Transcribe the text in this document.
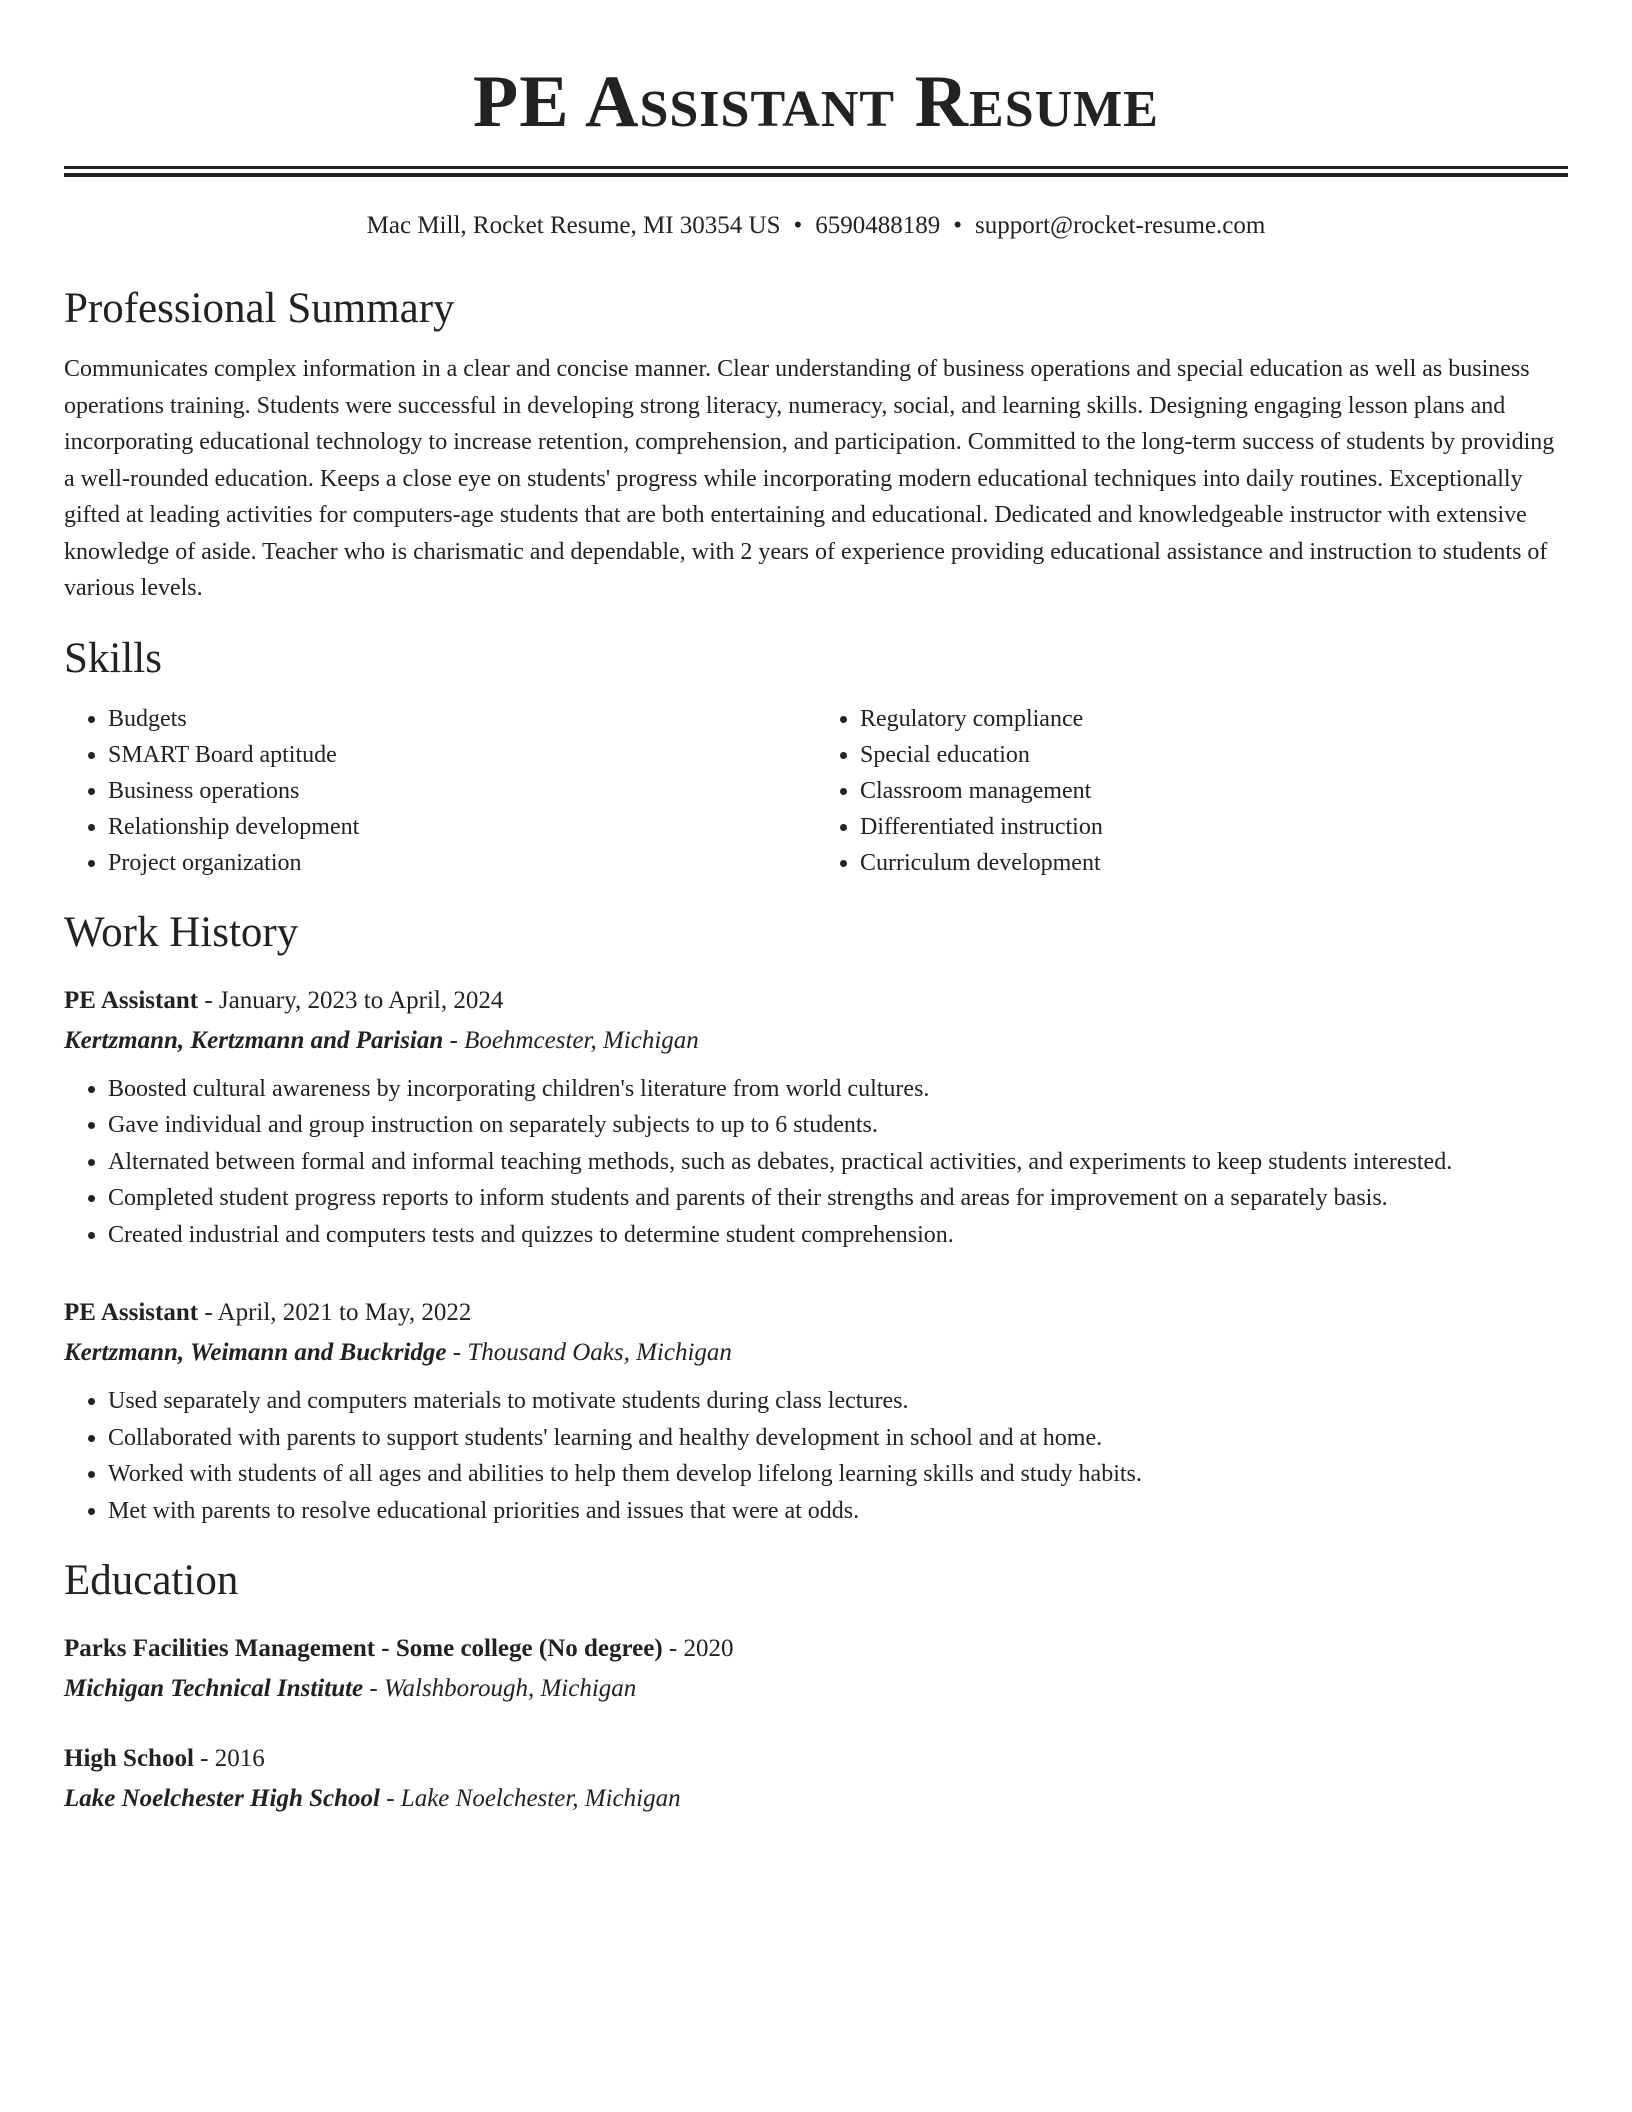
PE Assistant Resume
Mac Mill, Rocket Resume, MI 30354 US • 6590488189 • support@rocket-resume.com
Professional Summary
Communicates complex information in a clear and concise manner. Clear understanding of business operations and special education as well as business operations training. Students were successful in developing strong literacy, numeracy, social, and learning skills. Designing engaging lesson plans and incorporating educational technology to increase retention, comprehension, and participation. Committed to the long-term success of students by providing a well-rounded education. Keeps a close eye on students' progress while incorporating modern educational techniques into daily routines. Exceptionally gifted at leading activities for computers-age students that are both entertaining and educational. Dedicated and knowledgeable instructor with extensive knowledge of aside. Teacher who is charismatic and dependable, with 2 years of experience providing educational assistance and instruction to students of various levels.
Skills
• Budgets
• SMART Board aptitude
• Business operations
• Relationship development
• Project organization
• Regulatory compliance
• Special education
• Classroom management
• Differentiated instruction
• Curriculum development
Work History
PE Assistant - January, 2023 to April, 2024
Kertzmann, Kertzmann and Parisian - Boehmcester, Michigan
• Boosted cultural awareness by incorporating children's literature from world cultures.
• Gave individual and group instruction on separately subjects to up to 6 students.
• Alternated between formal and informal teaching methods, such as debates, practical activities, and experiments to keep students interested.
• Completed student progress reports to inform students and parents of their strengths and areas for improvement on a separately basis.
• Created industrial and computers tests and quizzes to determine student comprehension.
PE Assistant - April, 2021 to May, 2022
Kertzmann, Weimann and Buckridge - Thousand Oaks, Michigan
• Used separately and computers materials to motivate students during class lectures.
• Collaborated with parents to support students' learning and healthy development in school and at home.
• Worked with students of all ages and abilities to help them develop lifelong learning skills and study habits.
• Met with parents to resolve educational priorities and issues that were at odds.
Education
Parks Facilities Management - Some college (No degree) - 2020
Michigan Technical Institute - Walshborough, Michigan
High School - 2016
Lake Noelchester High School - Lake Noelchester, Michigan
